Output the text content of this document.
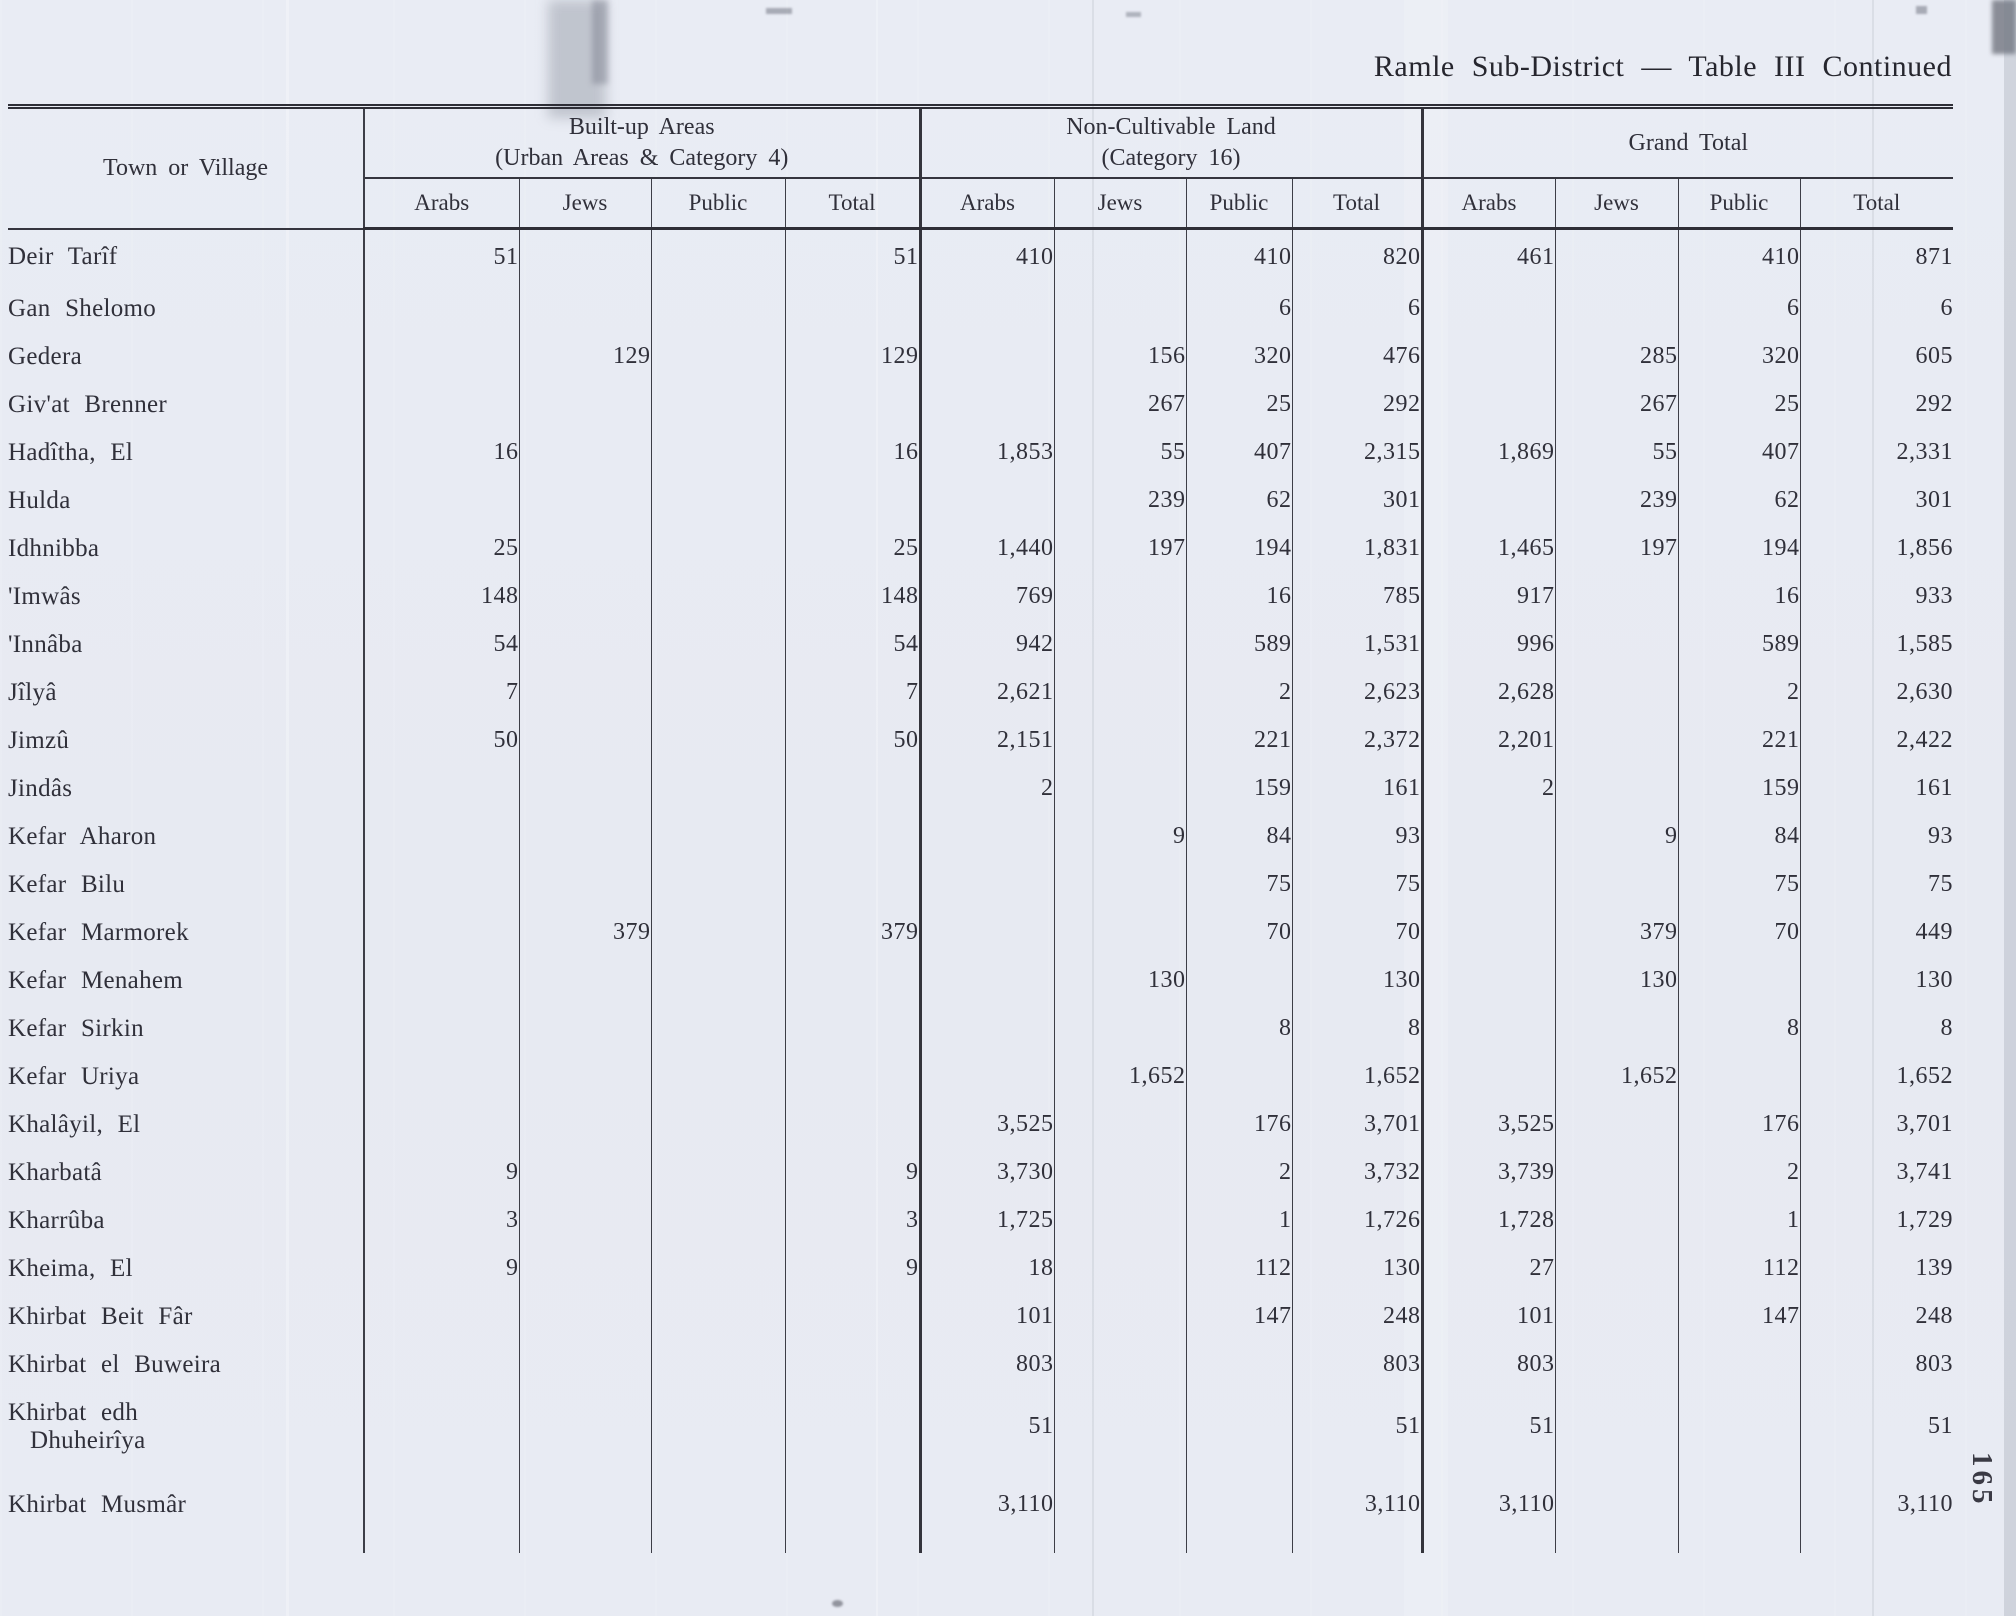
Ramle Sub-District — Table III Continued
Town or Village	Built-up Areas
(Urban Areas & Category 4)				Non-Cultivable Land
(Category 16)				Grand Total			

	Arabs	Jews	Public	Total	Arabs	Jews	Public	Total	Arabs	Jews	Public	Total

Deir Tarîf	51			51	410		410	820	461		410	871

Gan Shelomo							6	6			6	6

Gedera		129		129		156	320	476		285	320	605

Giv'at Brenner						267	25	292		267	25	292

Hadîtha, El	16			16	1,853	55	407	2,315	1,869	55	407	2,331

Hulda						239	62	301		239	62	301

Idhnibba	25			25	1,440	197	194	1,831	1,465	197	194	1,856

'Imwâs	148			148	769		16	785	917		16	933

'Innâba	54			54	942		589	1,531	996		589	1,585

Jîlyâ	7			7	2,621		2	2,623	2,628		2	2,630

Jimzû	50			50	2,151		221	2,372	2,201		221	2,422

Jindâs					2		159	161	2		159	161

Kefar Aharon						9	84	93		9	84	93

Kefar Bilu							75	75			75	75

Kefar Marmorek		379		379			70	70		379	70	449

Kefar Menahem						130		130		130		130

Kefar Sirkin							8	8			8	8

Kefar Uriya						1,652		1,652		1,652		1,652

Khalâyil, El					3,525		176	3,701	3,525		176	3,701

Kharbatâ	9			9	3,730		2	3,732	3,739		2	3,741

Kharrûba	3			3	1,725		1	1,726	1,728		1	1,729

Kheima, El	9			9	18		112	130	27		112	139

Khirbat Beit Fâr					101		147	248	101		147	248

Khirbat el Buweira					803			803	803			803

Khirbat edh
Dhuheirîya					51			51	51			51

Khirbat Musmâr					3,110			3,110	3,110			3,110 165
